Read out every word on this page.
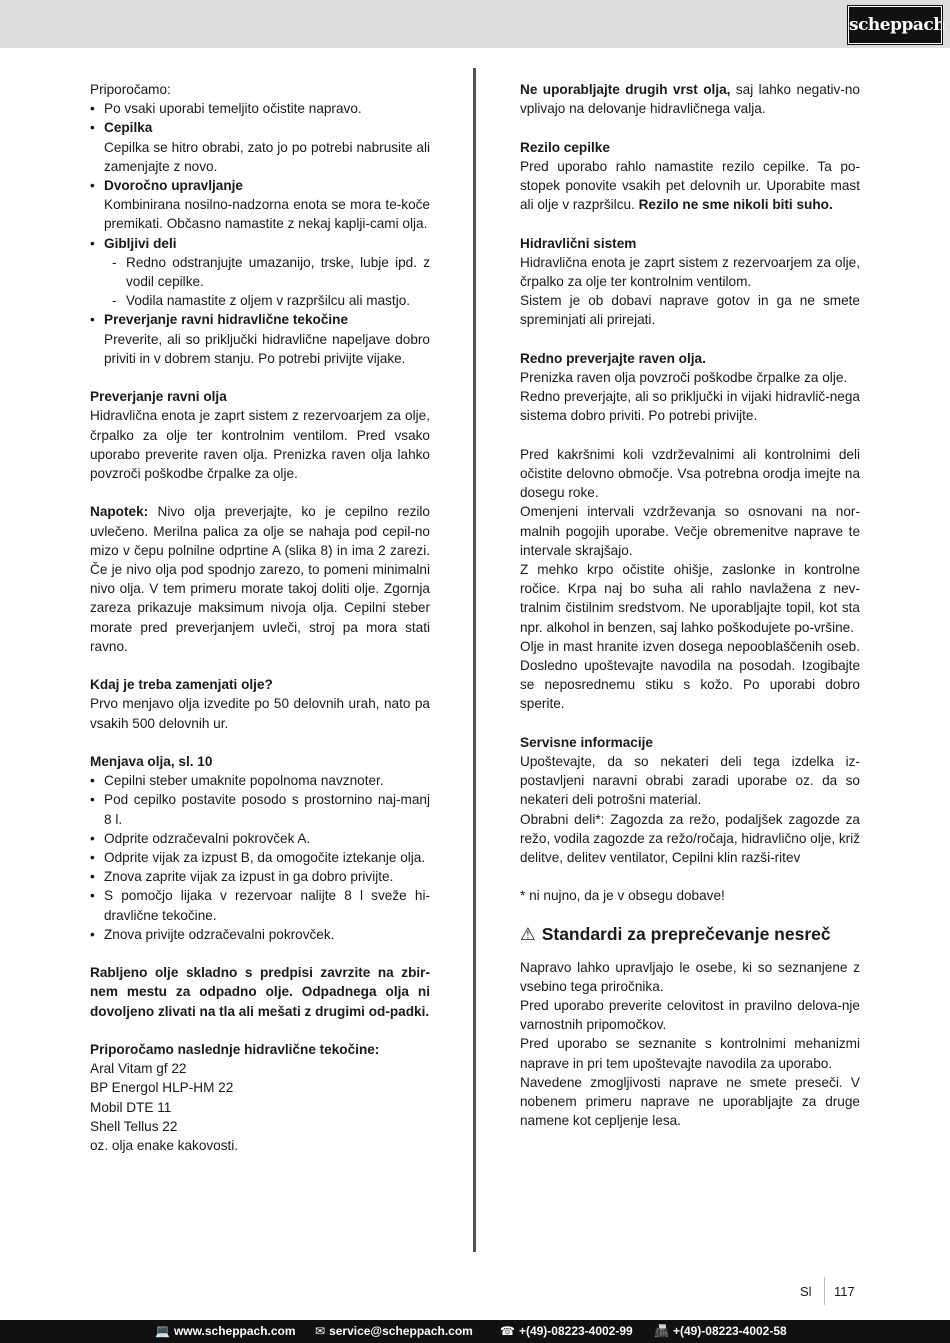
scheppach

Priporočamo:

• Po vsaki uporabi temeljito očistite napravo.
• Cepilka
Cepilka se hitro obrabi, zato jo po potrebi nabrusite ali zamenjajte z novo.
• Dvoročno upravljanje
Kombinirana nosilno-nadzorna enota se mora te-koče premikati. Občasno namastite z nekaj kaplji-cami olja.
• Gibljivi deli
- Redno odstranjujte umazanijo, trske, lubje ipd. z vodil cepilke.
- Vodila namastite z oljem v razpršilcu ali mastjo.
• Preverjanje ravni hidravlične tekočine
Preverite, ali so priključki hidravlične napeljave dobro priviti in v dobrem stanju. Po potrebi privijte vijake.

Preverjanje ravni olja

Hidravlična enota je zaprt sistem z rezervoarjem za olje, črpalko za olje ter kontrolnim ventilom. Pred vsako uporabo preverite raven olja. Prenizka raven olja lahko povzroči poškodbe črpalke za olje.

Napotek: Nivo olja preverjajte, ko je cepilno rezilo uvlečeno. Merilna palica za olje se nahaja pod cepil-no mizo v čepu polnilne odprtine A (slika 8) in ima 2 zarezi. Če je nivo olja pod spodnjo zarezo, to pomeni minimalni nivo olja. V tem primeru morate takoj doliti olje. Zgornja zareza prikazuje maksimum nivoja olja. Cepilni steber morate pred preverjanjem uvleči, stroj pa mora stati ravno.

Kdaj je treba zamenjati olje?

Prvo menjavo olja izvedite po 50 delovnih urah, nato pa vsakih 500 delovnih ur.

Menjava olja, sl. 10

• Cepilni steber umaknite popolnoma navznoter.
• Pod cepilko postavite posodo s prostornino naj-manj 8 l.
• Odprite odzračevalni pokrovček A.
• Odprite vijak za izpust B, da omogočite iztekanje olja.
• Znova zaprite vijak za izpust in ga dobro privijte.
• S pomočjo lijaka v rezervoar nalijte 8 l sveže hi-dravlične tekočine.
• Znova privijte odzračevalni pokrovček.

Rabljeno olje skladno s predpisi zavrzite na zbir-nem mestu za odpadno olje. Odpadnega olja ni dovoljeno zlivati na tla ali mešati z drugimi od-padki.

Priporočamo naslednje hidravlične tekočine:

Aral Vitam gf 22

BP Energol HLP-HM 22

Mobil DTE 11

Shell Tellus 22

oz. olja enake kakovosti.

Ne uporabljajte drugih vrst olja, saj lahko negativ-no vplivajo na delovanje hidravličnega valja.

Rezilo cepilke

Pred uporabo rahlo namastite rezilo cepilke. Ta po-stopek ponovite vsakih pet delovnih ur. Uporabite mast ali olje v razpršilcu. Rezilo ne sme nikoli biti suho.

Hidravlični sistem

Hidravlična enota je zaprt sistem z rezervoarjem za olje, črpalko za olje ter kontrolnim ventilom.

Sistem je ob dobavi naprave gotov in ga ne smete spreminjati ali prirejati.

Redno preverjajte raven olja.

Prenizka raven olja povzroči poškodbe črpalke za olje.

Redno preverjajte, ali so priključki in vijaki hidravlič-nega sistema dobro priviti. Po potrebi privijte.

Pred kakršnimi koli vzdrževalnimi ali kontrolnimi deli očistite delovno območje. Vsa potrebna orodja imejte na dosegu roke.

Omenjeni intervali vzdrževanja so osnovani na nor-malnih pogojih uporabe. Večje obremenitve naprave te intervale skrajšajo.

Z mehko krpo očistite ohišje, zaslonke in kontrolne ročice. Krpa naj bo suha ali rahlo navlažena z nev-tralnim čistilnim sredstvom. Ne uporabljajte topil, kot sta npr. alkohol in benzen, saj lahko poškodujete po-vršine.

Olje in mast hranite izven dosega nepooblaščenih oseb. Dosledno upoštevajte navodila na posodah. Izogibajte se neposrednemu stiku s kožo. Po uporabi dobro sperite.

Servisne informacije

Upoštevajte, da so nekateri deli tega izdelka iz-postavljeni naravni obrabi zaradi uporabe oz. da so nekateri deli potrošni material.

Obrabni deli*: Zagozda za režo, podaljšek zagozde za režo, vodila zagozde za režo/ročaja, hidravlično olje, križ delitve, delitev ventilator, Cepilni klin razši-ritev

* ni nujno, da je v obsegu dobave!

⚠ Standardi za preprečevanje nesreč

Napravo lahko upravljajo le osebe, ki so seznanjene z vsebino tega priročnika.

Pred uporabo preverite celovitost in pravilno delova-nje varnostnih pripomočkov.

Pred uporabo se seznanite s kontrolnimi mehanizmi naprave in pri tem upoštevajte navodila za uporabo.

Navedene zmogljivosti naprave ne smete preseči. V nobenem primeru naprave ne uporabljajte za druge namene kot cepljenje lesa.

Sl	117
💻 www.scheppach.com ✉ service@scheppach.com ☎ +(49)-08223-4002-99 📠 +(49)-08223-4002-58
